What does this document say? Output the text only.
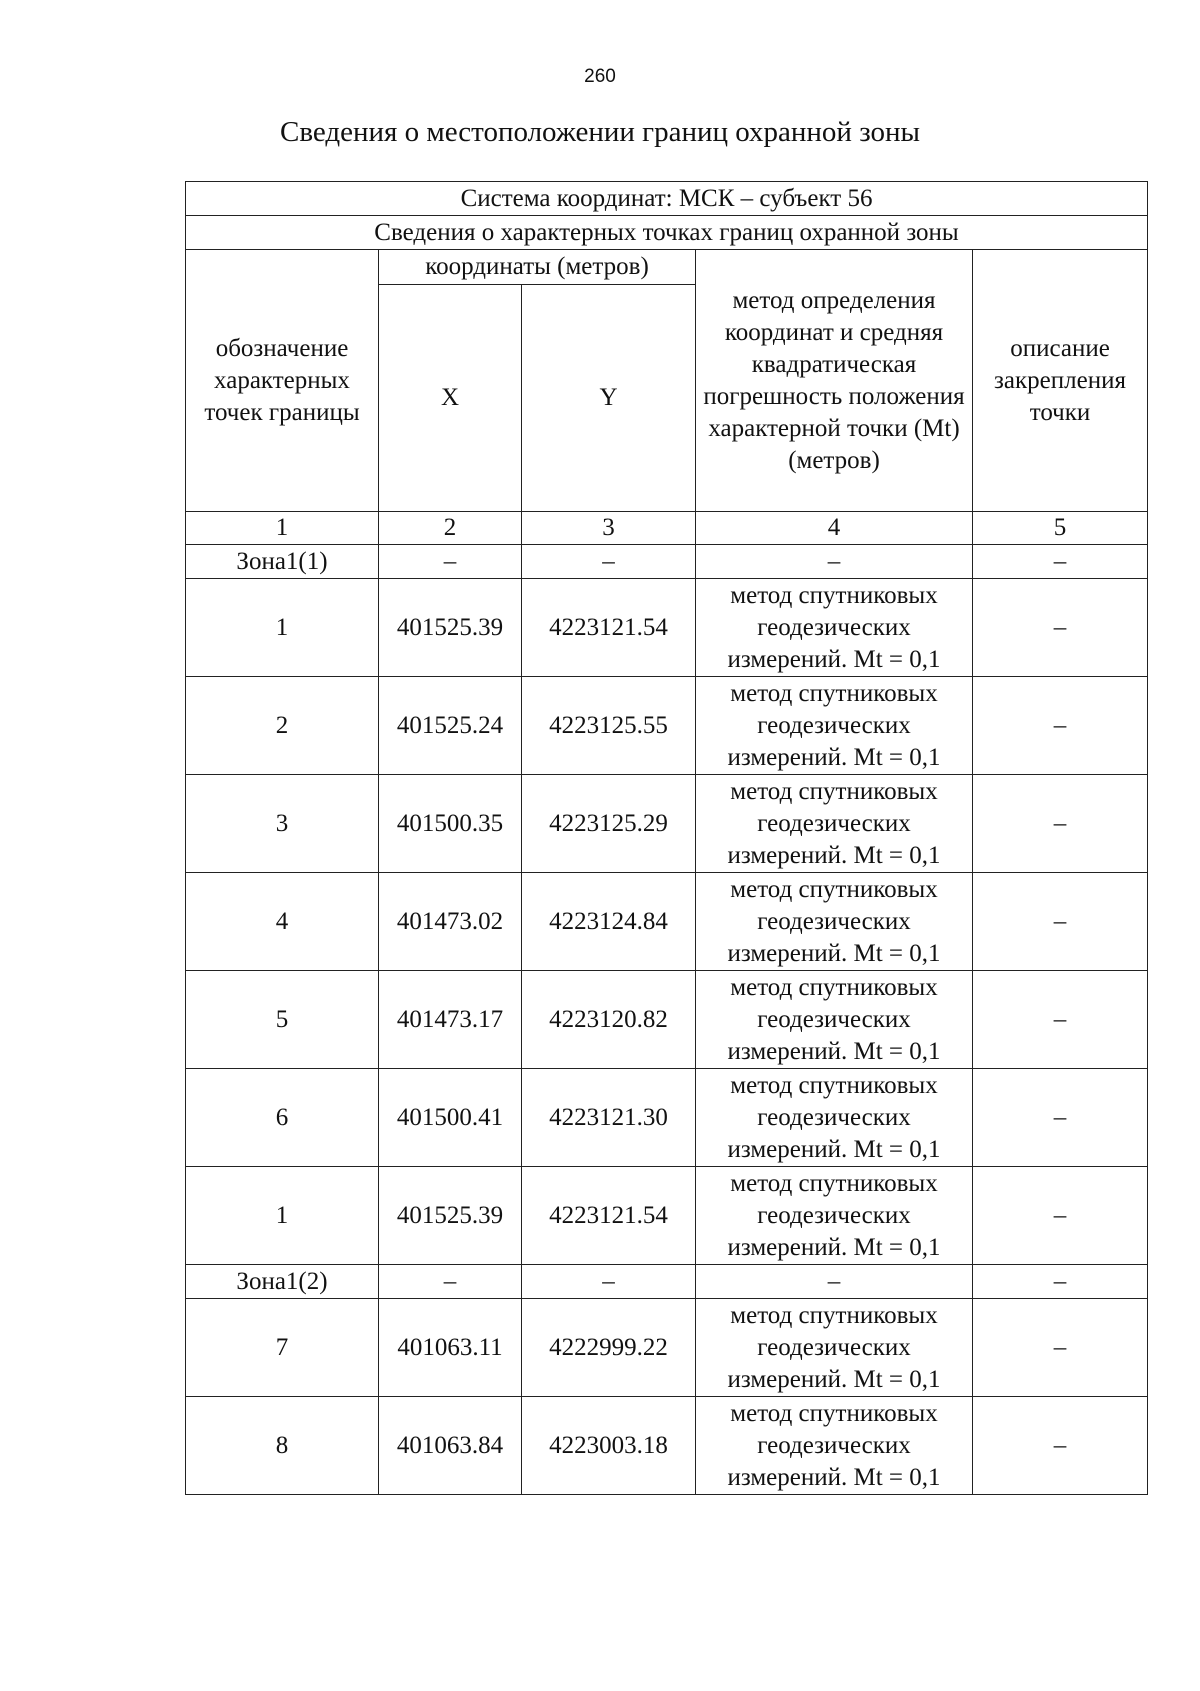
260
Сведения о местоположении границ охранной зоны
Система координат: МСК – субъект 56				
Сведения о характерных точках границ охранной зоны				
обозначение характерных точек границы	координаты (метров)		метод определения координат и средняя квадратическая погрешность положения характерной точки (Mt) (метров)	описание закрепления точки
	X	Y		
1	2	3	4	5
Зона1(1)	–	–	–	–
1	401525.39	4223121.54	метод спутниковых
геодезических
измерений. Mt = 0,1	–
2	401525.24	4223125.55	метод спутниковых
геодезических
измерений. Mt = 0,1	–
3	401500.35	4223125.29	метод спутниковых
геодезических
измерений. Mt = 0,1	–
4	401473.02	4223124.84	метод спутниковых
геодезических
измерений. Mt = 0,1	–
5	401473.17	4223120.82	метод спутниковых
геодезических
измерений. Mt = 0,1	–
6	401500.41	4223121.30	метод спутниковых
геодезических
измерений. Mt = 0,1	–
1	401525.39	4223121.54	метод спутниковых
геодезических
измерений. Mt = 0,1	–
Зона1(2)	–	–	–	–
7	401063.11	4222999.22	метод спутниковых
геодезических
измерений. Mt = 0,1	–
8	401063.84	4223003.18	метод спутниковых
геодезических
измерений. Mt = 0,1	–
